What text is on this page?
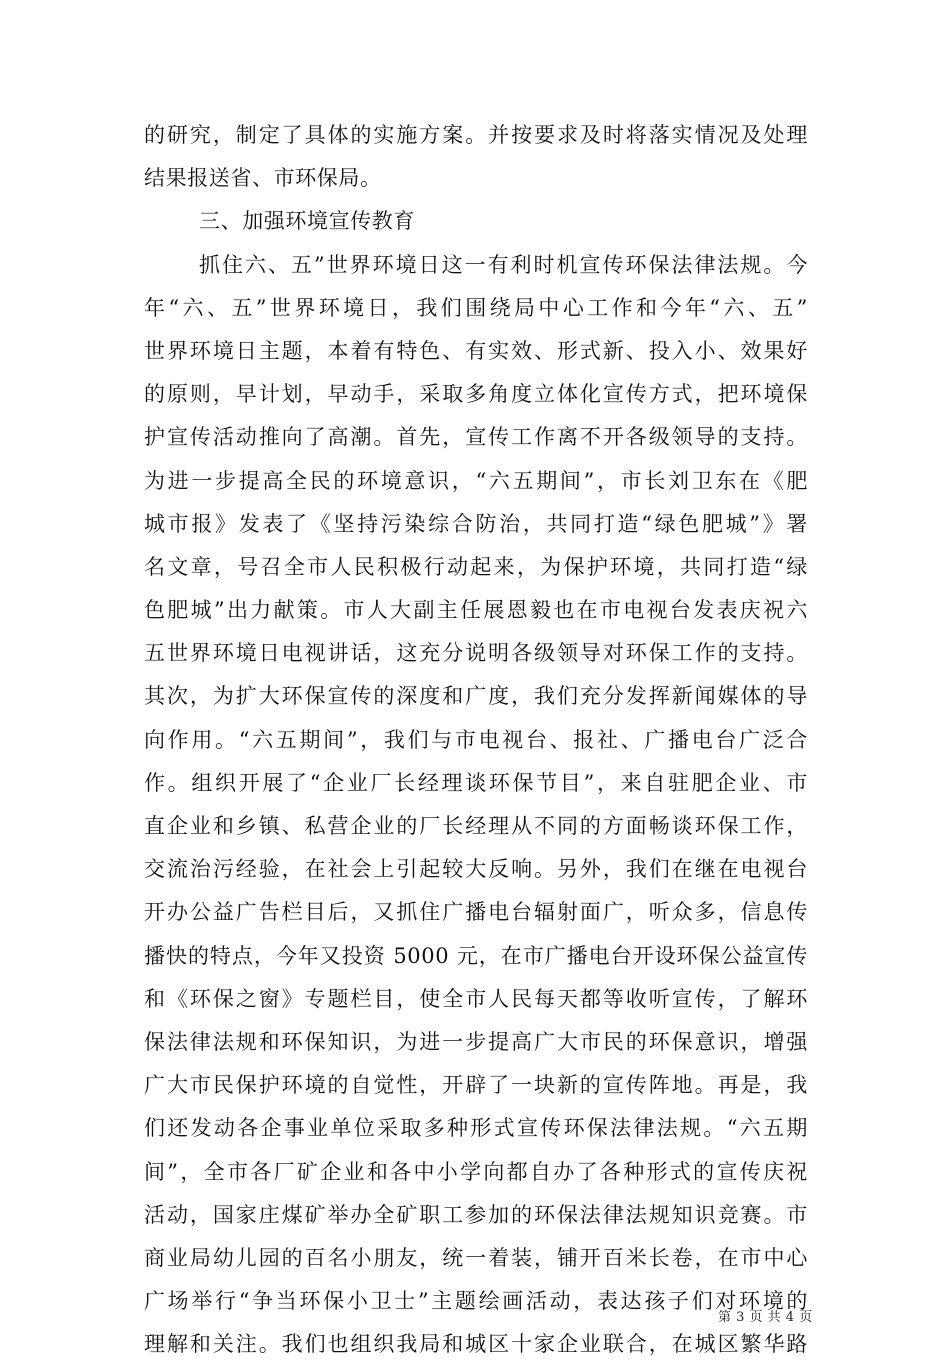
的研究，制定了具体的实施方案。并按要求及时将落实情况及处理
结果报送省、市环保局。
三、加强环境宣传教育
抓住六、五”世界环境日这一有利时机宣传环保法律法规。今
年“六、五”世界环境日，我们围绕局中心工作和今年“六、五”
世界环境日主题，本着有特色、有实效、形式新、投入小、效果好
的原则，早计划，早动手，采取多角度立体化宣传方式，把环境保
护宣传活动推向了高潮。首先，宣传工作离不开各级领导的支持。
为进一步提高全民的环境意识，“六五期间”，市长刘卫东在《肥
城市报》发表了《坚持污染综合防治，共同打造“绿色肥城”》署
名文章，号召全市人民积极行动起来，为保护环境，共同打造“绿
色肥城”出力献策。市人大副主任展恩毅也在市电视台发表庆祝六
五世界环境日电视讲话，这充分说明各级领导对环保工作的支持。
其次，为扩大环保宣传的深度和广度，我们充分发挥新闻媒体的导
向作用。“六五期间”，我们与市电视台、报社、广播电台广泛合
作。组织开展了“企业厂长经理谈环保节目”，来自驻肥企业、市
直企业和乡镇、私营企业的厂长经理从不同的方面畅谈环保工作，
交流治污经验，在社会上引起较大反响。另外，我们在继在电视台
开办公益广告栏目后，又抓住广播电台辐射面广，听众多，信息传
播快的特点，今年又投资 5000 元，在市广播电台开设环保公益宣传
和《环保之窗》专题栏目，使全市人民每天都等收听宣传，了解环
保法律法规和环保知识，为进一步提高广大市民的环保意识，增强
广大市民保护环境的自觉性，开辟了一块新的宣传阵地。再是，我
们还发动各企事业单位采取多种形式宣传环保法律法规。“六五期
间”，全市各厂矿企业和各中小学向都自办了各种形式的宣传庆祝
活动，国家庄煤矿举办全矿职工参加的环保法律法规知识竞赛。市
商业局幼儿园的百名小朋友，统一着装，铺开百米长卷，在市中心
广场举行“争当环保小卫士”主题绘画活动，表达孩子们对环境的
理解和关注。我们也组织我局和城区十家企业联合，在城区繁华路
第 3 页 共 4 页
